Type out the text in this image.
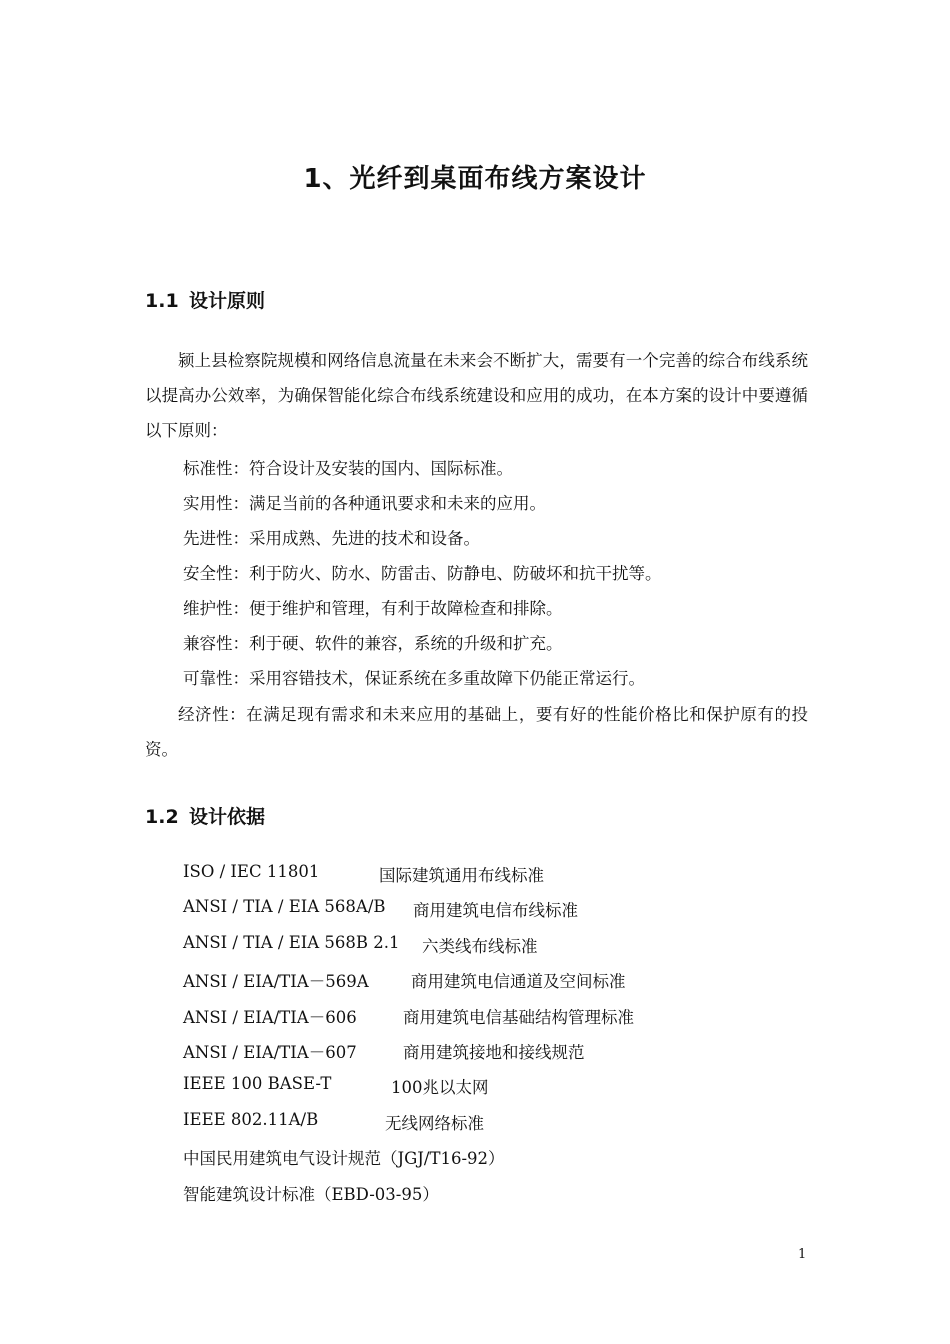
1、光纤到桌面布线方案设计
1.1 设计原则

颍上县检察院规模和网络信息流量在未来会不断扩大，需要有一个完善的综合布线系统以提高办公效率，为确保智能化综合布线系统建设和应用的成功，在本方案的设计中要遵循以下原则：

标准性：符合设计及安装的国内、国际标准。
实用性：满足当前的各种通讯要求和未来的应用。
先进性：采用成熟、先进的技术和设备。
安全性：利于防火、防水、防雷击、防静电、防破坏和抗干扰等。
维护性：便于维护和管理，有利于故障检查和排除。
兼容性：利于硬、软件的兼容，系统的升级和扩充。
可靠性：采用容错技术，保证系统在多重故障下仍能正常运行。

经济性：在满足现有需求和未来应用的基础上，要有好的性能价格比和保护原有的投资。

1.2 设计依据
ISO / IEC 11801	国际建筑通用布线标准
ANSI / TIA / EIA 568A/B 商用建筑电信布线标准
ANSI / TIA / EIA 568B 2.1 六类线布线标准
ANSI / EIA/TIA－569A	商用建筑电信通道及空间标准
ANSI / EIA/TIA－606	商用建筑电信基础结构管理标准
ANSI / EIA/TIA－607	商用建筑接地和接线规范
IEEE 100 BASE-T	100兆以太网
IEEE 802.11A/B	无线网络标准
中国民用建筑电气设计规范（JGJ/T16-92）
智能建筑设计标准（EBD-03-95）
1
